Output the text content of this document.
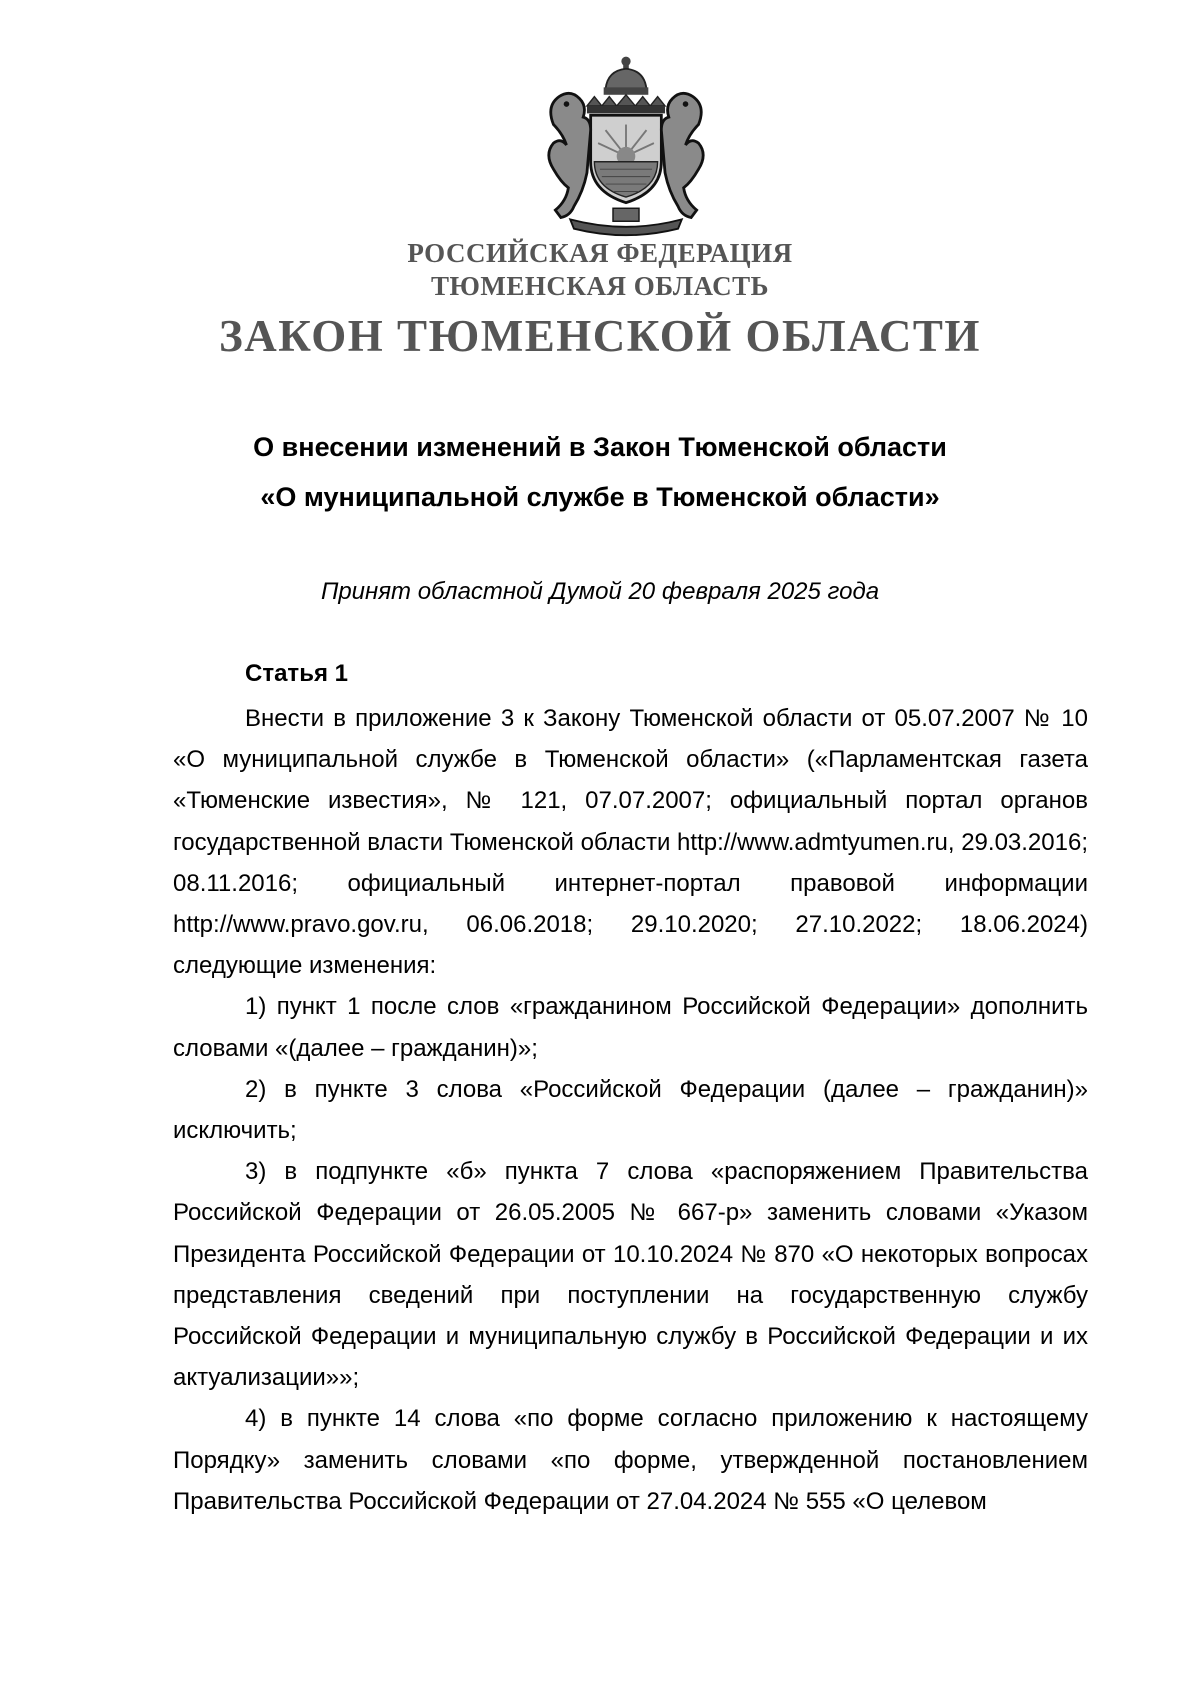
РОССИЙСКАЯ ФЕДЕРАЦИЯ
ТЮМЕНСКАЯ ОБЛАСТЬ
ЗАКОН ТЮМЕНСКОЙ ОБЛАСТИ
О внесении изменений в Закон Тюменской области
«О муниципальной службе в Тюменской области»
Принят областной Думой 20 февраля 2025 года
Статья 1

Внести в приложение 3 к Закону Тюменской области от 05.07.2007 № 10 «О муниципальной службе в Тюменской области» («Парламентская газета «Тюменские известия», № 121, 07.07.2007; официальный портал органов государственной власти Тюменской области http://www.admtyumen.ru, 29.03.2016; 08.11.2016; официальный интернет-портал правовой информации http://www.pravo.gov.ru, 06.06.2018; 29.10.2020; 27.10.2022; 18.06.2024) следующие изменения:

1) пункт 1 после слов «гражданином Российской Федерации» дополнить словами «(далее – гражданин)»;

2) в пункте 3 слова «Российской Федерации (далее – гражданин)» исключить;

3) в подпункте «б» пункта 7 слова «распоряжением Правительства Российской Федерации от 26.05.2005 № 667-р» заменить словами «Указом Президента Российской Федерации от 10.10.2024 № 870 «О некоторых вопросах представления сведений при поступлении на государственную службу Российской Федерации и муниципальную службу в Российской Федерации и их актуализации»»;

4) в пункте 14 слова «по форме согласно приложению к настоящему Порядку» заменить словами «по форме, утвержденной постановлением Правительства Российской Федерации от 27.04.2024 № 555 «О целевом
